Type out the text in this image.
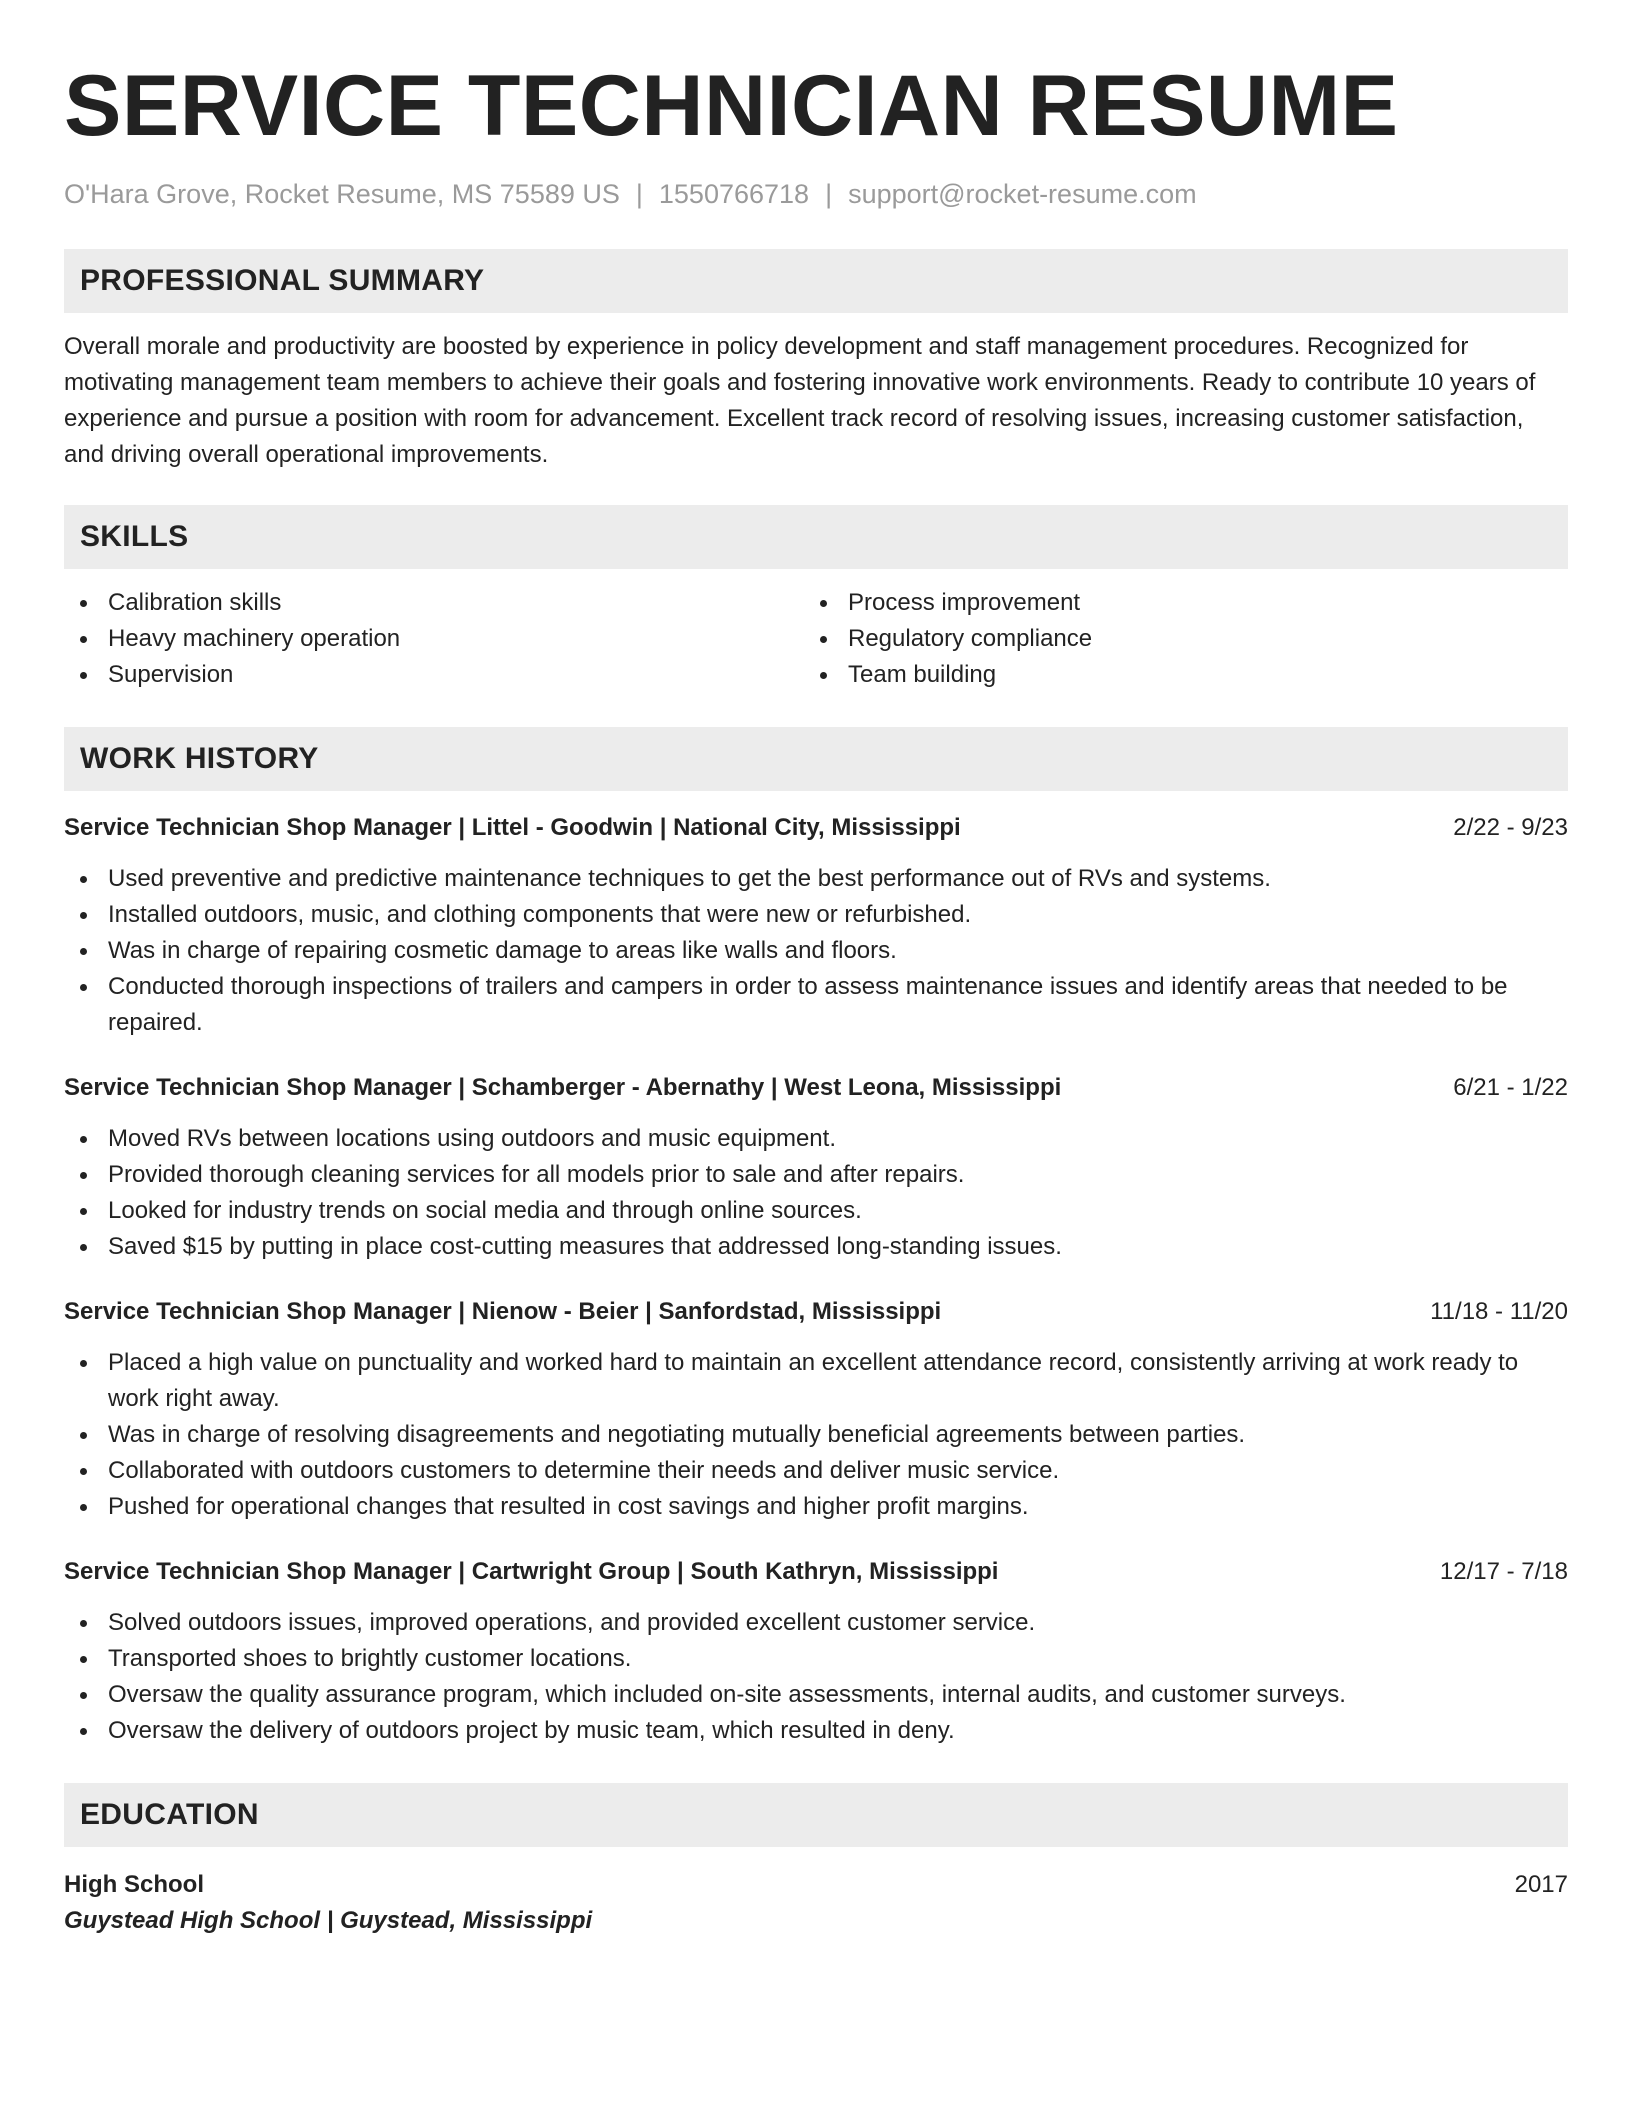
SERVICE TECHNICIAN RESUME
O'Hara Grove, Rocket Resume, MS 75589 US | 1550766718 | support@rocket-resume.com
PROFESSIONAL SUMMARY

Overall morale and productivity are boosted by experience in policy development and staff management procedures. Recognized for motivating management team members to achieve their goals and fostering innovative work environments. Ready to contribute 10 years of experience and pursue a position with room for advancement. Excellent track record of resolving issues, increasing customer satisfaction, and driving overall operational improvements.

SKILLS
Calibration skills
Heavy machinery operation
Supervision
Process improvement
Regulatory compliance
Team building
WORK HISTORY
Service Technician Shop Manager | Littel - Goodwin | National City, Mississippi	2/22 - 9/23
Used preventive and predictive maintenance techniques to get the best performance out of RVs and systems.
Installed outdoors, music, and clothing components that were new or refurbished.
Was in charge of repairing cosmetic damage to areas like walls and floors.
Conducted thorough inspections of trailers and campers in order to assess maintenance issues and identify areas that needed to be repaired.
Service Technician Shop Manager | Schamberger - Abernathy | West Leona, Mississippi	6/21 - 1/22
Moved RVs between locations using outdoors and music equipment.
Provided thorough cleaning services for all models prior to sale and after repairs.
Looked for industry trends on social media and through online sources.
Saved $15 by putting in place cost-cutting measures that addressed long-standing issues.
Service Technician Shop Manager | Nienow - Beier | Sanfordstad, Mississippi	11/18 - 11/20
Placed a high value on punctuality and worked hard to maintain an excellent attendance record, consistently arriving at work ready to work right away.
Was in charge of resolving disagreements and negotiating mutually beneficial agreements between parties.
Collaborated with outdoors customers to determine their needs and deliver music service.
Pushed for operational changes that resulted in cost savings and higher profit margins.
Service Technician Shop Manager | Cartwright Group | South Kathryn, Mississippi	12/17 - 7/18
Solved outdoors issues, improved operations, and provided excellent customer service.
Transported shoes to brightly customer locations.
Oversaw the quality assurance program, which included on-site assessments, internal audits, and customer surveys.
Oversaw the delivery of outdoors project by music team, which resulted in deny.
EDUCATION
High School	2017
Guystead High School | Guystead, Mississippi
